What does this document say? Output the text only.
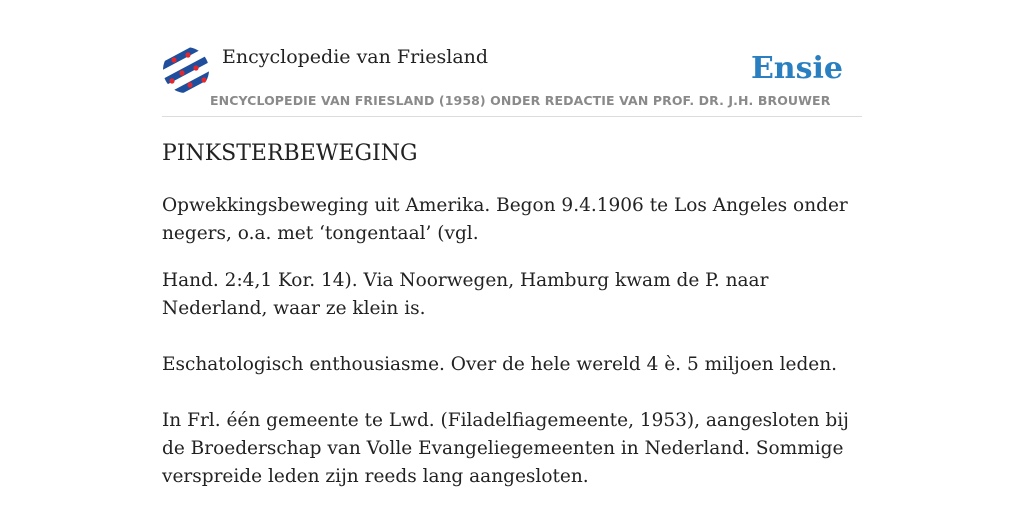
Encyclopedie van Friesland
ENCYCLOPEDIE VAN FRIESLAND (1958) ONDER REDACTIE VAN PROF. DR. J.H. BROUWER
Ensie
PINKSTERBEWEGING

Opwekkingsbeweging uit Amerika. Begon 9.4.1906 te Los Angeles onder negers, o.a. met ‘tongentaal’ (vgl.

Hand. 2:4,1 Kor. 14). Via Noorwegen, Hamburg kwam de P. naar Nederland, waar ze klein is.

Eschatologisch enthousiasme. Over de hele wereld 4 è. 5 miljoen leden.

In Frl. één gemeente te Lwd. (Filadelfiagemeente, 1953), aangesloten bij de Broederschap van Volle Evangeliegemeenten in Nederland. Sommige verspreide leden zijn reeds lang aangesloten.
